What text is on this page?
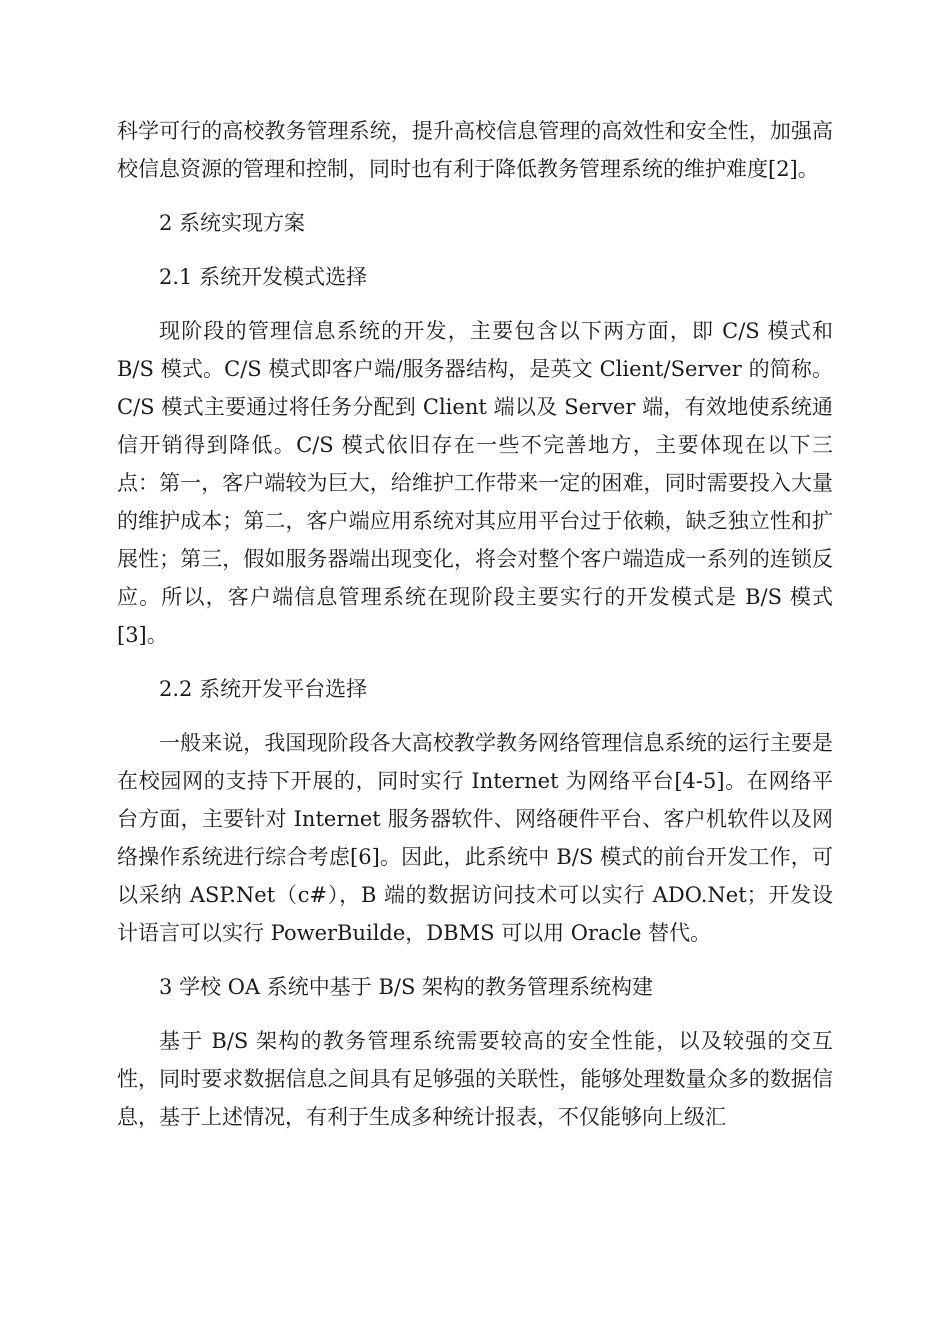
科学可行的高校教务管理系统，提升高校信息管理的高效性和安全性，加强高校信息资源的管理和控制，同时也有利于降低教务管理系统的维护难度[2]。

2 系统实现方案

2.1 系统开发模式选择

现阶段的管理信息系统的开发，主要包含以下两方面，即 C/S 模式和 B/S 模式。C/S 模式即客户端/服务器结构，是英文 Client/Server 的简称。C/S 模式主要通过将任务分配到 Client 端以及 Server 端，有效地使系统通信开销得到降低。C/S 模式依旧存在一些不完善地方，主要体现在以下三点：第一，客户端较为巨大，给维护工作带来一定的困难，同时需要投入大量的维护成本；第二，客户端应用系统对其应用平台过于依赖，缺乏独立性和扩展性；第三，假如服务器端出现变化，将会对整个客户端造成一系列的连锁反应。所以，客户端信息管理系统在现阶段主要实行的开发模式是 B/S 模式[3]。

2.2 系统开发平台选择

一般来说，我国现阶段各大高校教学教务网络管理信息系统的运行主要是在校园网的支持下开展的，同时实行 Internet 为网络平台[4-5]。在网络平台方面，主要针对 Internet 服务器软件、网络硬件平台、客户机软件以及网络操作系统进行综合考虑[6]。因此，此系统中 B/S 模式的前台开发工作，可以采纳 ASP.Net（c#），B 端的数据访问技术可以实行 ADO.Net；开发设计语言可以实行 PowerBuilde，DBMS 可以用 Oracle 替代。

3 学校 OA 系统中基于 B/S 架构的教务管理系统构建

基于 B/S 架构的教务管理系统需要较高的安全性能，以及较强的交互性，同时要求数据信息之间具有足够强的关联性，能够处理数量众多的数据信息，基于上述情况，有利于生成多种统计报表，不仅能够向上级汇
